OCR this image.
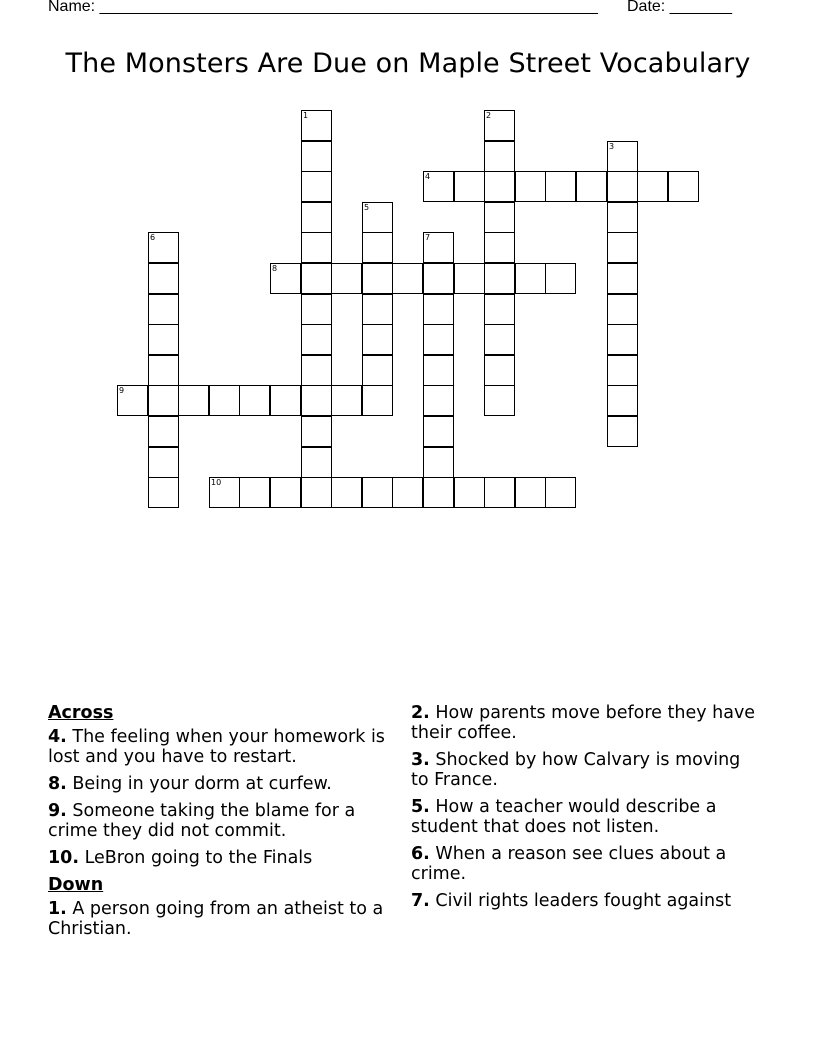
Name: ________________________________________________________ Date: _______
The Monsters Are Due on Maple Street Vocabulary
1	2
3
4
5
6	7
8
9
10
Across
4. The feeling when your homework is lost and you have to restart.
8. Being in your dorm at curfew.
9. Someone taking the blame for a crime they did not commit.
10. LeBron going to the Finals
Down
1. A person going from an atheist to a Christian.
2. How parents move before they have their coffee.
3. Shocked by how Calvary is moving to France.
5. How a teacher would describe a student that does not listen.
6. When a reason see clues about a crime.
7. Civil rights leaders fought against
